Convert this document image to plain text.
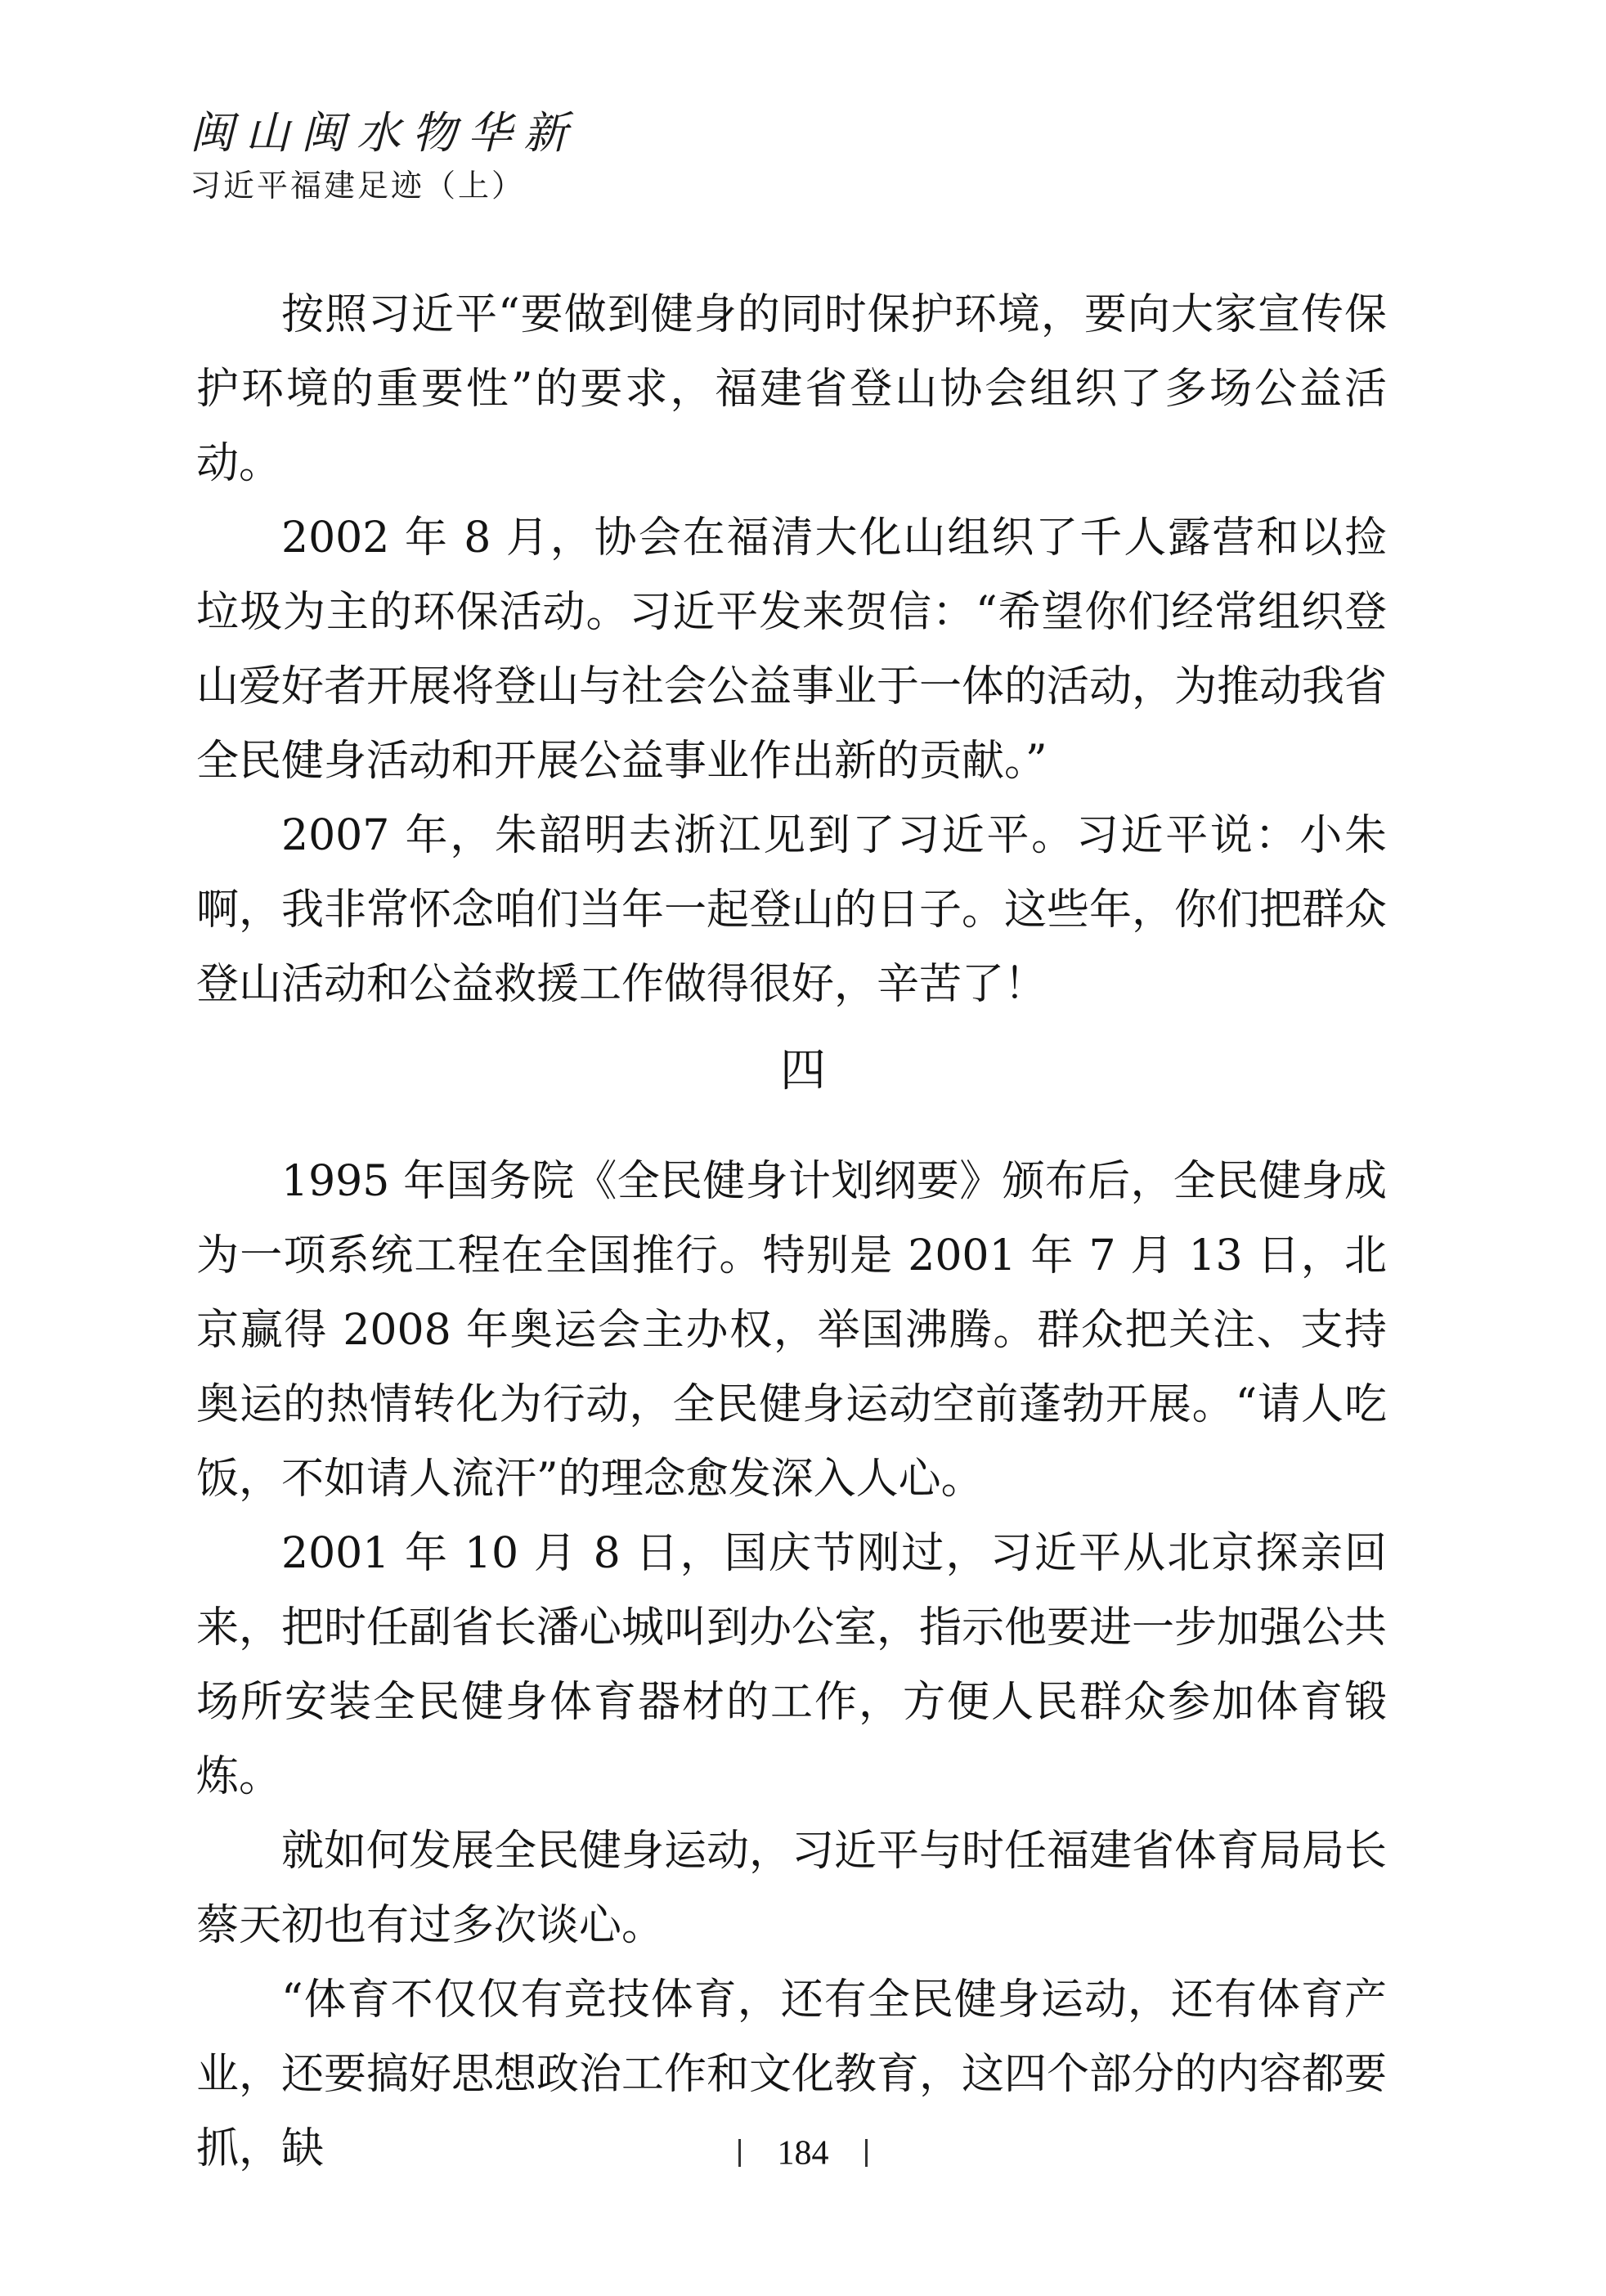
闽山闽水物华新
习近平福建足迹（上）

按照习近平“要做到健身的同时保护环境，要向大家宣传保护环境的重要性”的要求，福建省登山协会组织了多场公益活动。

2002 年 8 月，协会在福清大化山组织了千人露营和以捡垃圾为主的环保活动。习近平发来贺信：“希望你们经常组织登山爱好者开展将登山与社会公益事业于一体的活动，为推动我省全民健身活动和开展公益事业作出新的贡献。”

2007 年，朱韶明去浙江见到了习近平。习近平说：小朱啊，我非常怀念咱们当年一起登山的日子。这些年，你们把群众登山活动和公益救援工作做得很好，辛苦了！

四

1995 年国务院《全民健身计划纲要》颁布后，全民健身成为一项系统工程在全国推行。特别是 2001 年 7 月 13 日，北京赢得 2008 年奥运会主办权，举国沸腾。群众把关注、支持奥运的热情转化为行动，全民健身运动空前蓬勃开展。“请人吃饭，不如请人流汗”的理念愈发深入人心。

2001 年 10 月 8 日，国庆节刚过，习近平从北京探亲回来，把时任副省长潘心城叫到办公室，指示他要进一步加强公共场所安装全民健身体育器材的工作，方便人民群众参加体育锻炼。

就如何发展全民健身运动，习近平与时任福建省体育局局长蔡天初也有过多次谈心。

“体育不仅仅有竞技体育，还有全民健身运动，还有体育产业，还要搞好思想政治工作和文化教育，这四个部分的内容都要抓，缺	184
